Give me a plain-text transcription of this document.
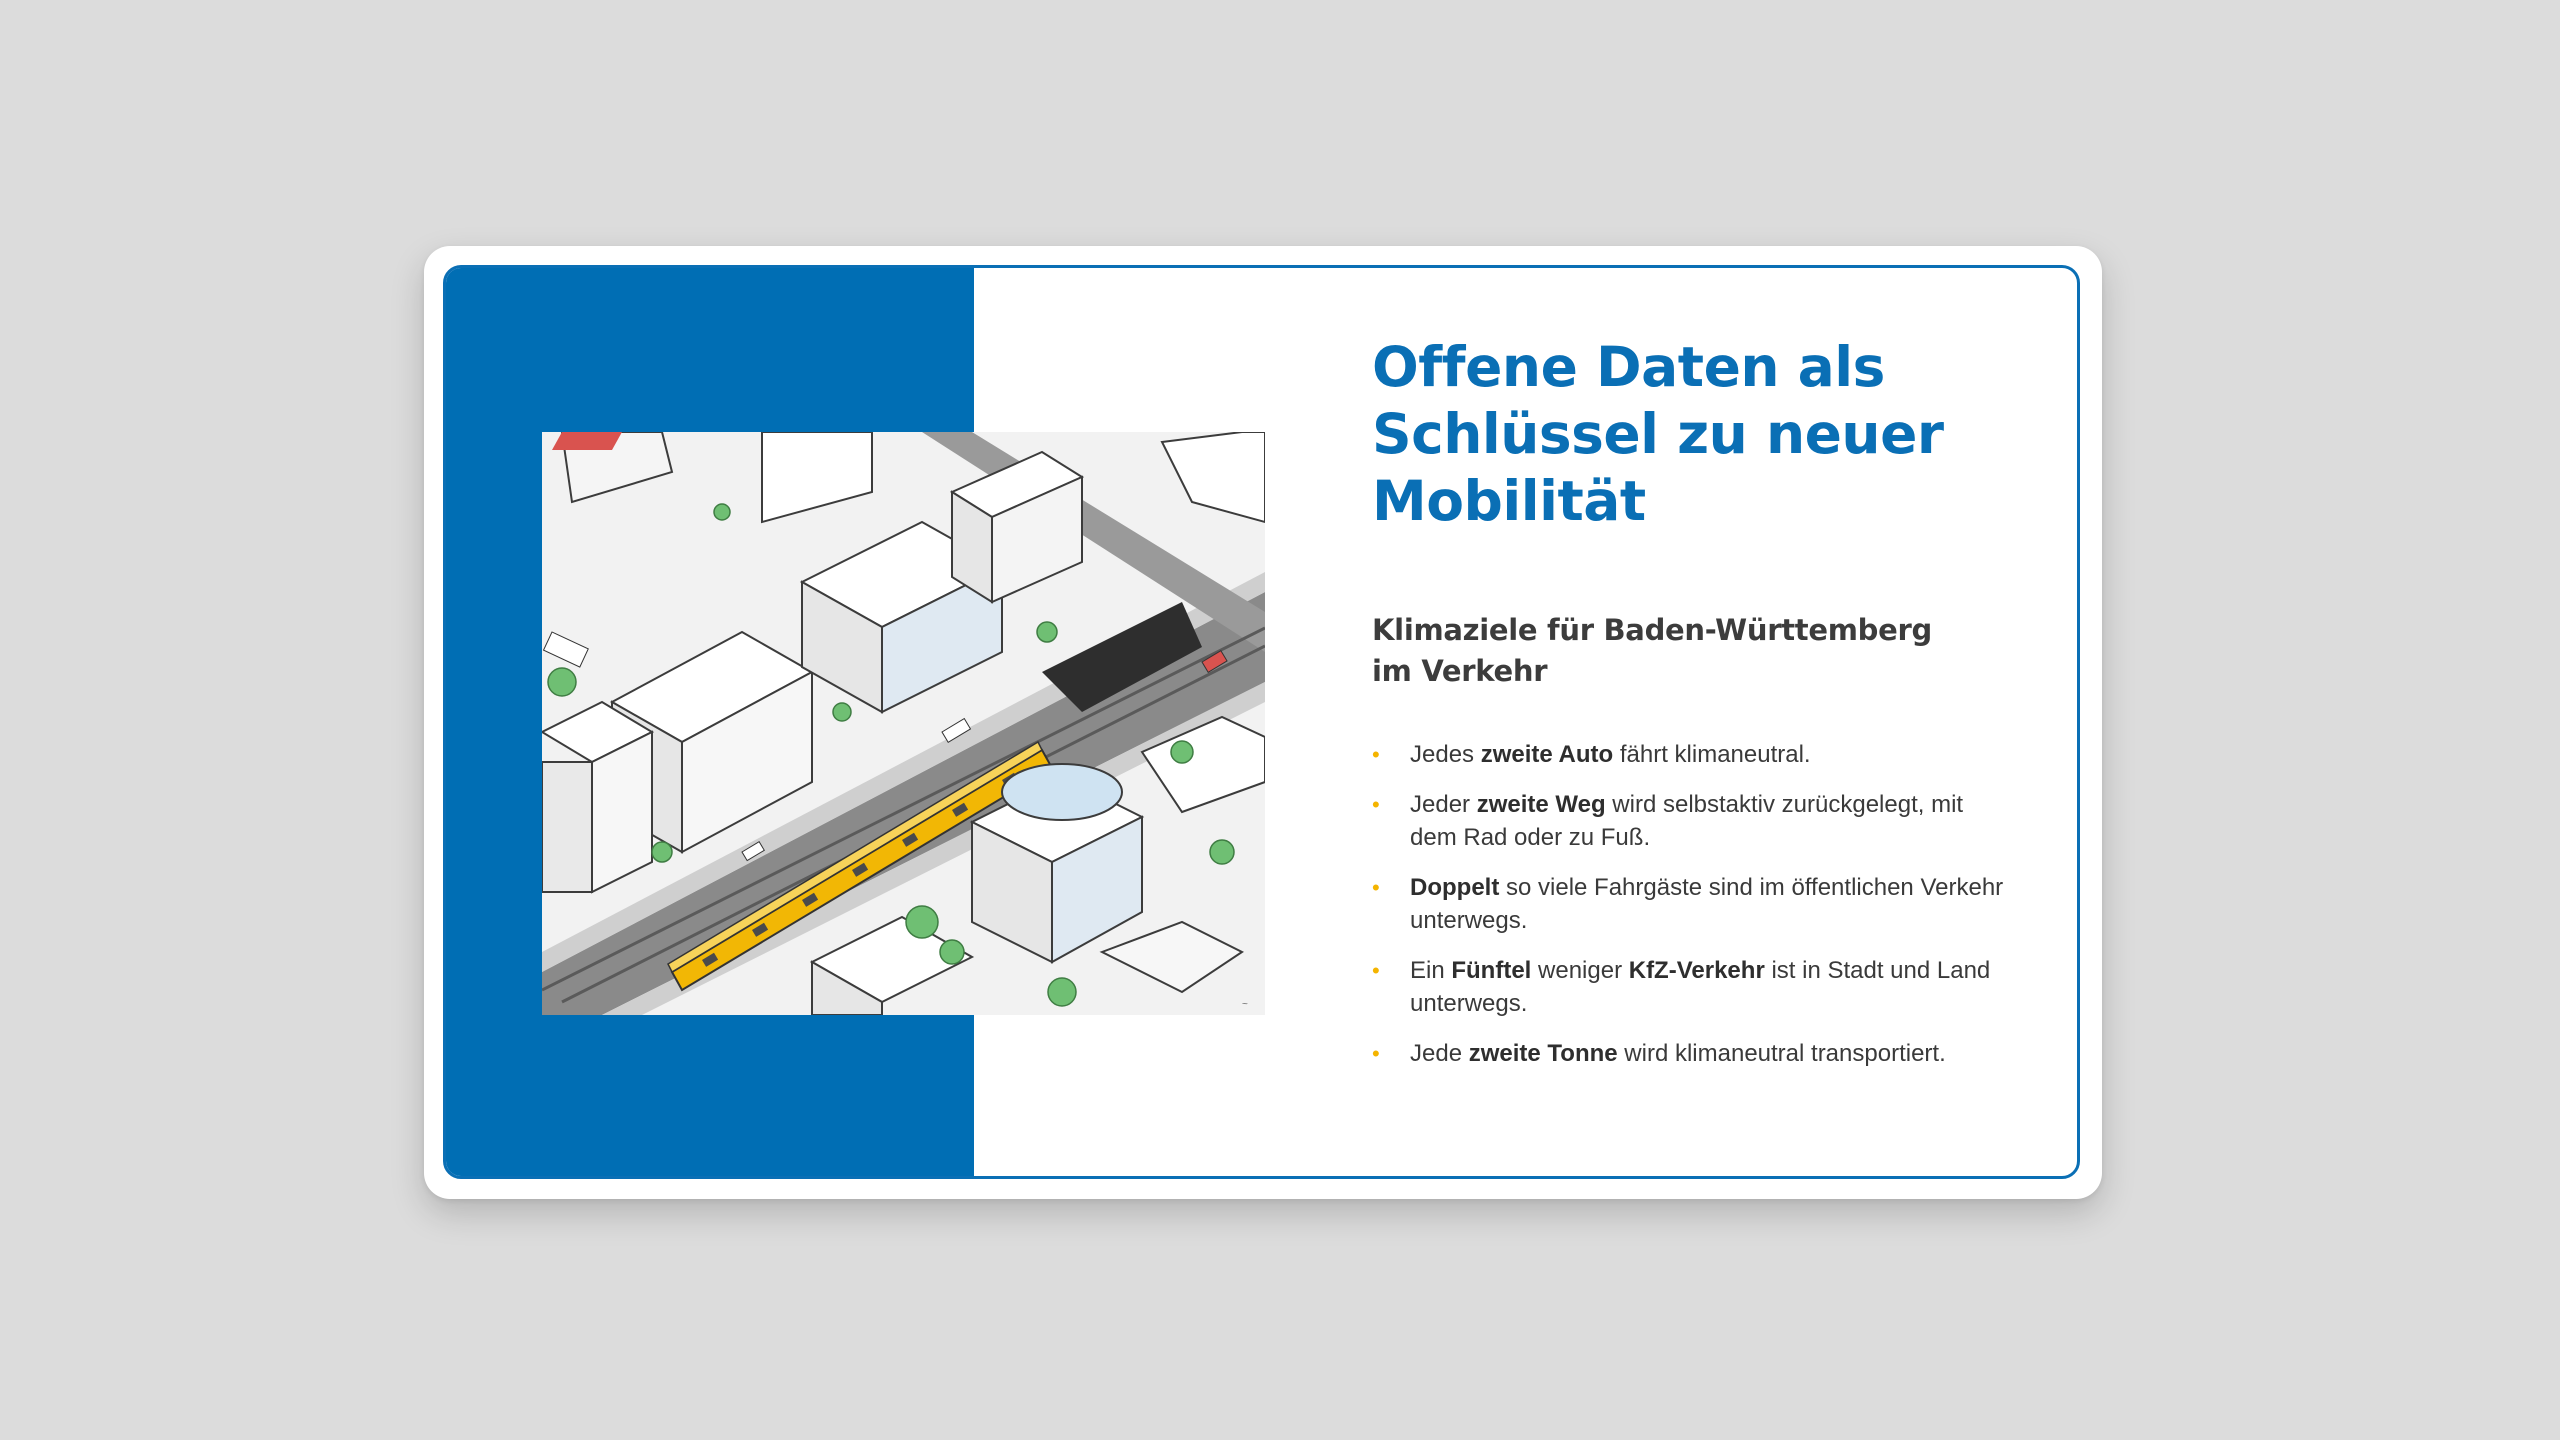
~
Offene Daten als
Schlüssel zu neuer
Mobilität
Klimaziele für Baden-Württemberg
im Verkehr
• Jedes zweite Auto fährt klimaneutral.
• Jeder zweite Weg wird selbstaktiv zurückgelegt, mit dem Rad oder zu Fuß.
• Doppelt so viele Fahrgäste sind im öffentlichen Verkehr unterwegs.
• Ein Fünftel weniger KfZ-Verkehr ist in Stadt und Land unterwegs.
• Jede zweite Tonne wird klimaneutral transportiert.
